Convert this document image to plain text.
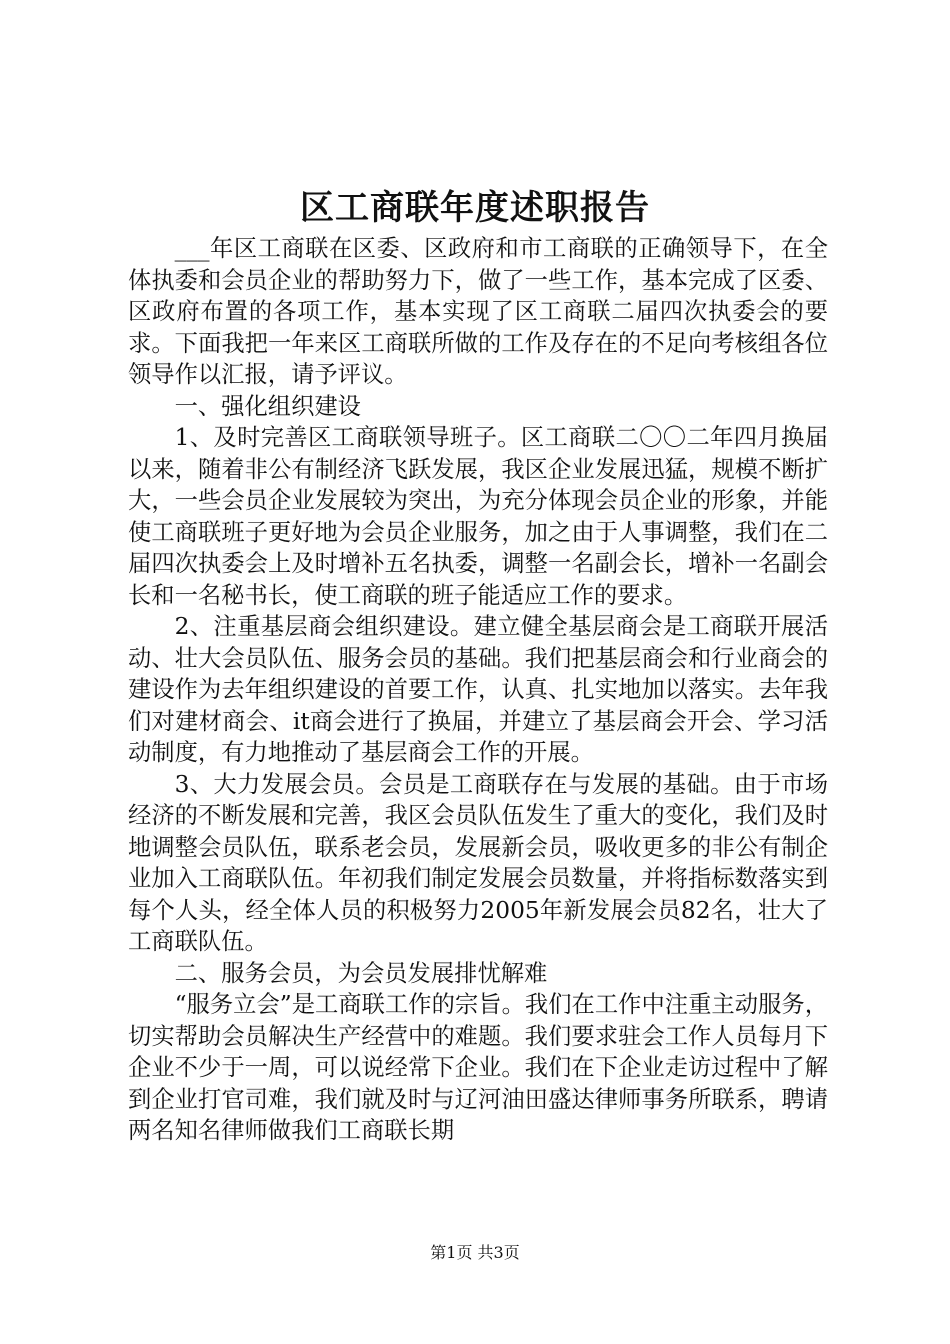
区工商联年度述职报告

___年区工商联在区委、区政府和市工商联的正确领导下，在全体执委和会员企业的帮助努力下，做了一些工作，基本完成了区委、区政府布置的各项工作，基本实现了区工商联二届四次执委会的要求。下面我把一年来区工商联所做的工作及存在的不足向考核组各位领导作以汇报，请予评议。

一、强化组织建设

1、及时完善区工商联领导班子。区工商联二〇〇二年四月换届以来，随着非公有制经济飞跃发展，我区企业发展迅猛，规模不断扩大，一些会员企业发展较为突出，为充分体现会员企业的形象，并能使工商联班子更好地为会员企业服务，加之由于人事调整，我们在二届四次执委会上及时增补五名执委，调整一名副会长，增补一名副会长和一名秘书长，使工商联的班子能适应工作的要求。

2、注重基层商会组织建设。建立健全基层商会是工商联开展活动、壮大会员队伍、服务会员的基础。我们把基层商会和行业商会的建设作为去年组织建设的首要工作，认真、扎实地加以落实。去年我们对建材商会、it商会进行了换届，并建立了基层商会开会、学习活动制度，有力地推动了基层商会工作的开展。

3、大力发展会员。会员是工商联存在与发展的基础。由于市场经济的不断发展和完善，我区会员队伍发生了重大的变化，我们及时地调整会员队伍，联系老会员，发展新会员，吸收更多的非公有制企业加入工商联队伍。年初我们制定发展会员数量，并将指标数落实到每个人头，经全体人员的积极努力2005年新发展会员82名，壮大了工商联队伍。

二、服务会员，为会员发展排忧解难

“服务立会”是工商联工作的宗旨。我们在工作中注重主动服务，切实帮助会员解决生产经营中的难题。我们要求驻会工作人员每月下企业不少于一周，可以说经常下企业。我们在下企业走访过程中了解到企业打官司难，我们就及时与辽河油田盛达律师事务所联系，聘请两名知名律师做我们工商联长期

第1页 共3页
